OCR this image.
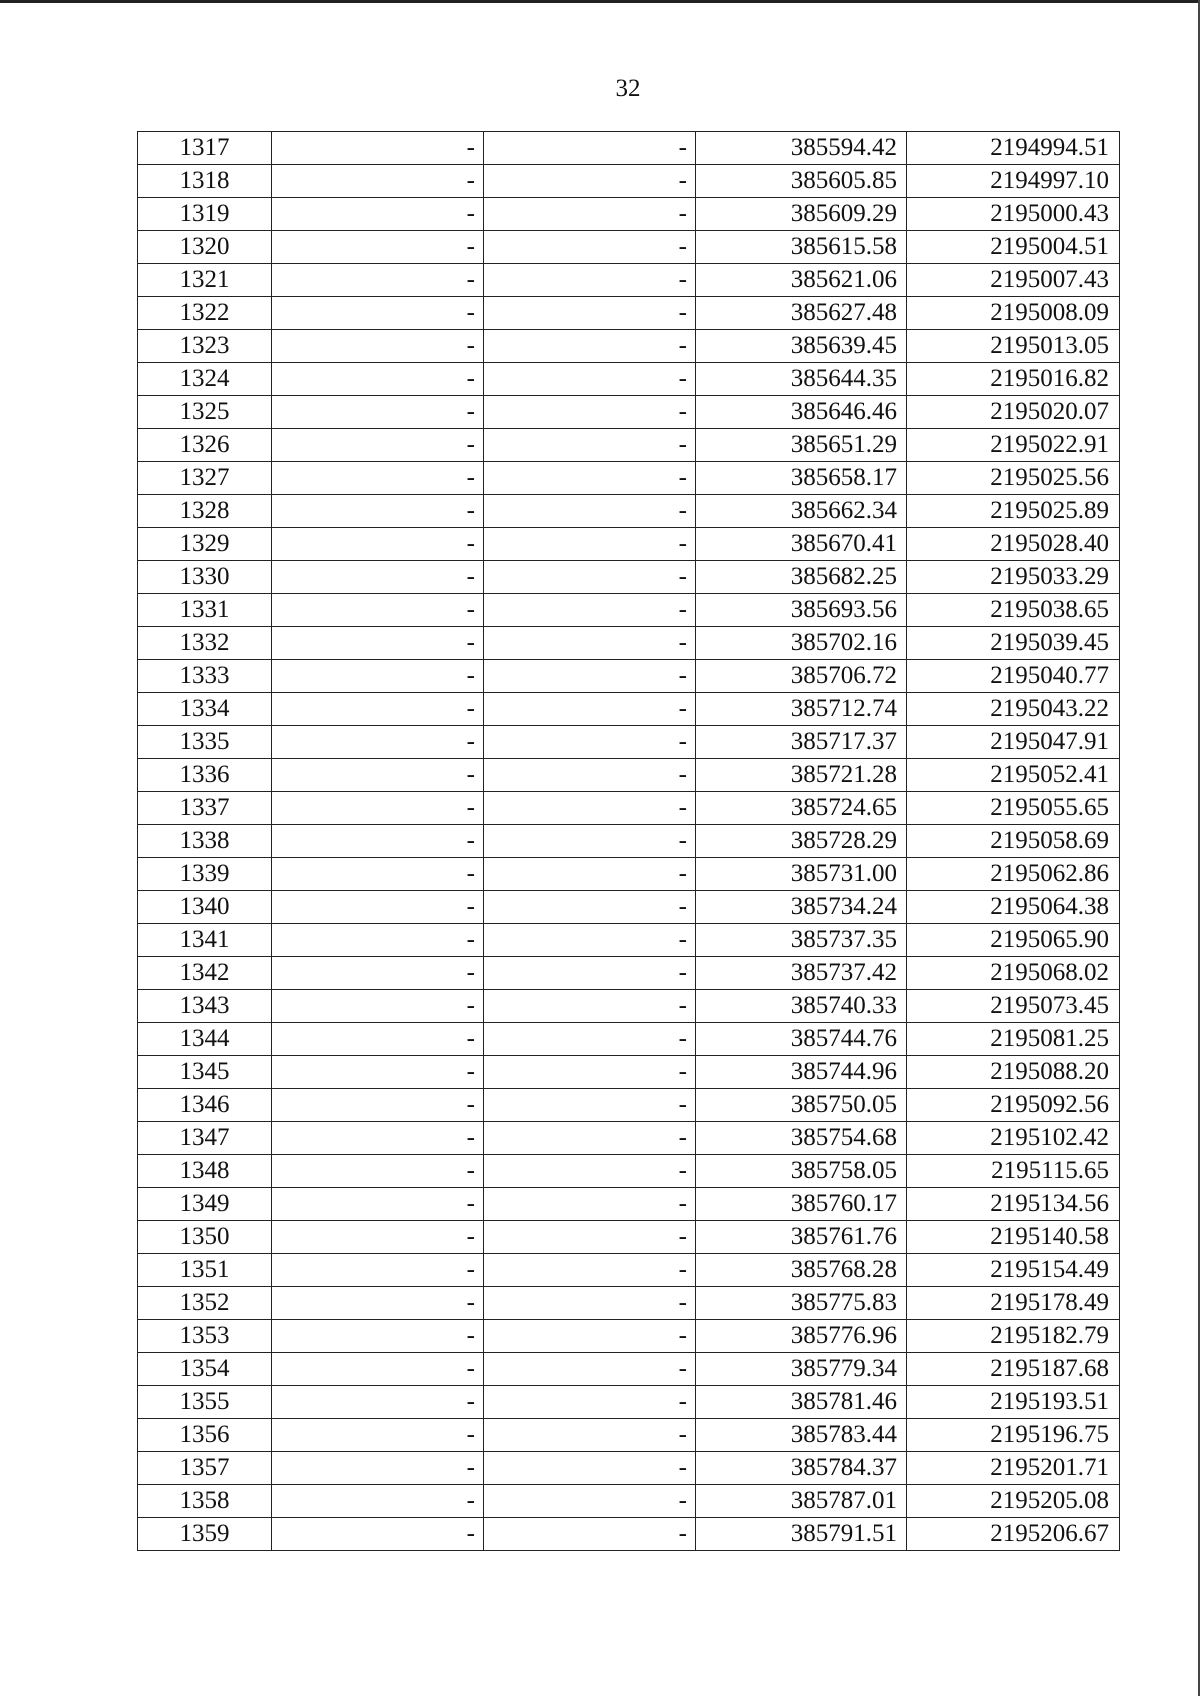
32
1317	-	-	385594.42	2194994.51
1318	-	-	385605.85	2194997.10
1319	-	-	385609.29	2195000.43
1320	-	-	385615.58	2195004.51
1321	-	-	385621.06	2195007.43
1322	-	-	385627.48	2195008.09
1323	-	-	385639.45	2195013.05
1324	-	-	385644.35	2195016.82
1325	-	-	385646.46	2195020.07
1326	-	-	385651.29	2195022.91
1327	-	-	385658.17	2195025.56
1328	-	-	385662.34	2195025.89
1329	-	-	385670.41	2195028.40
1330	-	-	385682.25	2195033.29
1331	-	-	385693.56	2195038.65
1332	-	-	385702.16	2195039.45
1333	-	-	385706.72	2195040.77
1334	-	-	385712.74	2195043.22
1335	-	-	385717.37	2195047.91
1336	-	-	385721.28	2195052.41
1337	-	-	385724.65	2195055.65
1338	-	-	385728.29	2195058.69
1339	-	-	385731.00	2195062.86
1340	-	-	385734.24	2195064.38
1341	-	-	385737.35	2195065.90
1342	-	-	385737.42	2195068.02
1343	-	-	385740.33	2195073.45
1344	-	-	385744.76	2195081.25
1345	-	-	385744.96	2195088.20
1346	-	-	385750.05	2195092.56
1347	-	-	385754.68	2195102.42
1348	-	-	385758.05	2195115.65
1349	-	-	385760.17	2195134.56
1350	-	-	385761.76	2195140.58
1351	-	-	385768.28	2195154.49
1352	-	-	385775.83	2195178.49
1353	-	-	385776.96	2195182.79
1354	-	-	385779.34	2195187.68
1355	-	-	385781.46	2195193.51
1356	-	-	385783.44	2195196.75
1357	-	-	385784.37	2195201.71
1358	-	-	385787.01	2195205.08
1359	-	-	385791.51	2195206.67
